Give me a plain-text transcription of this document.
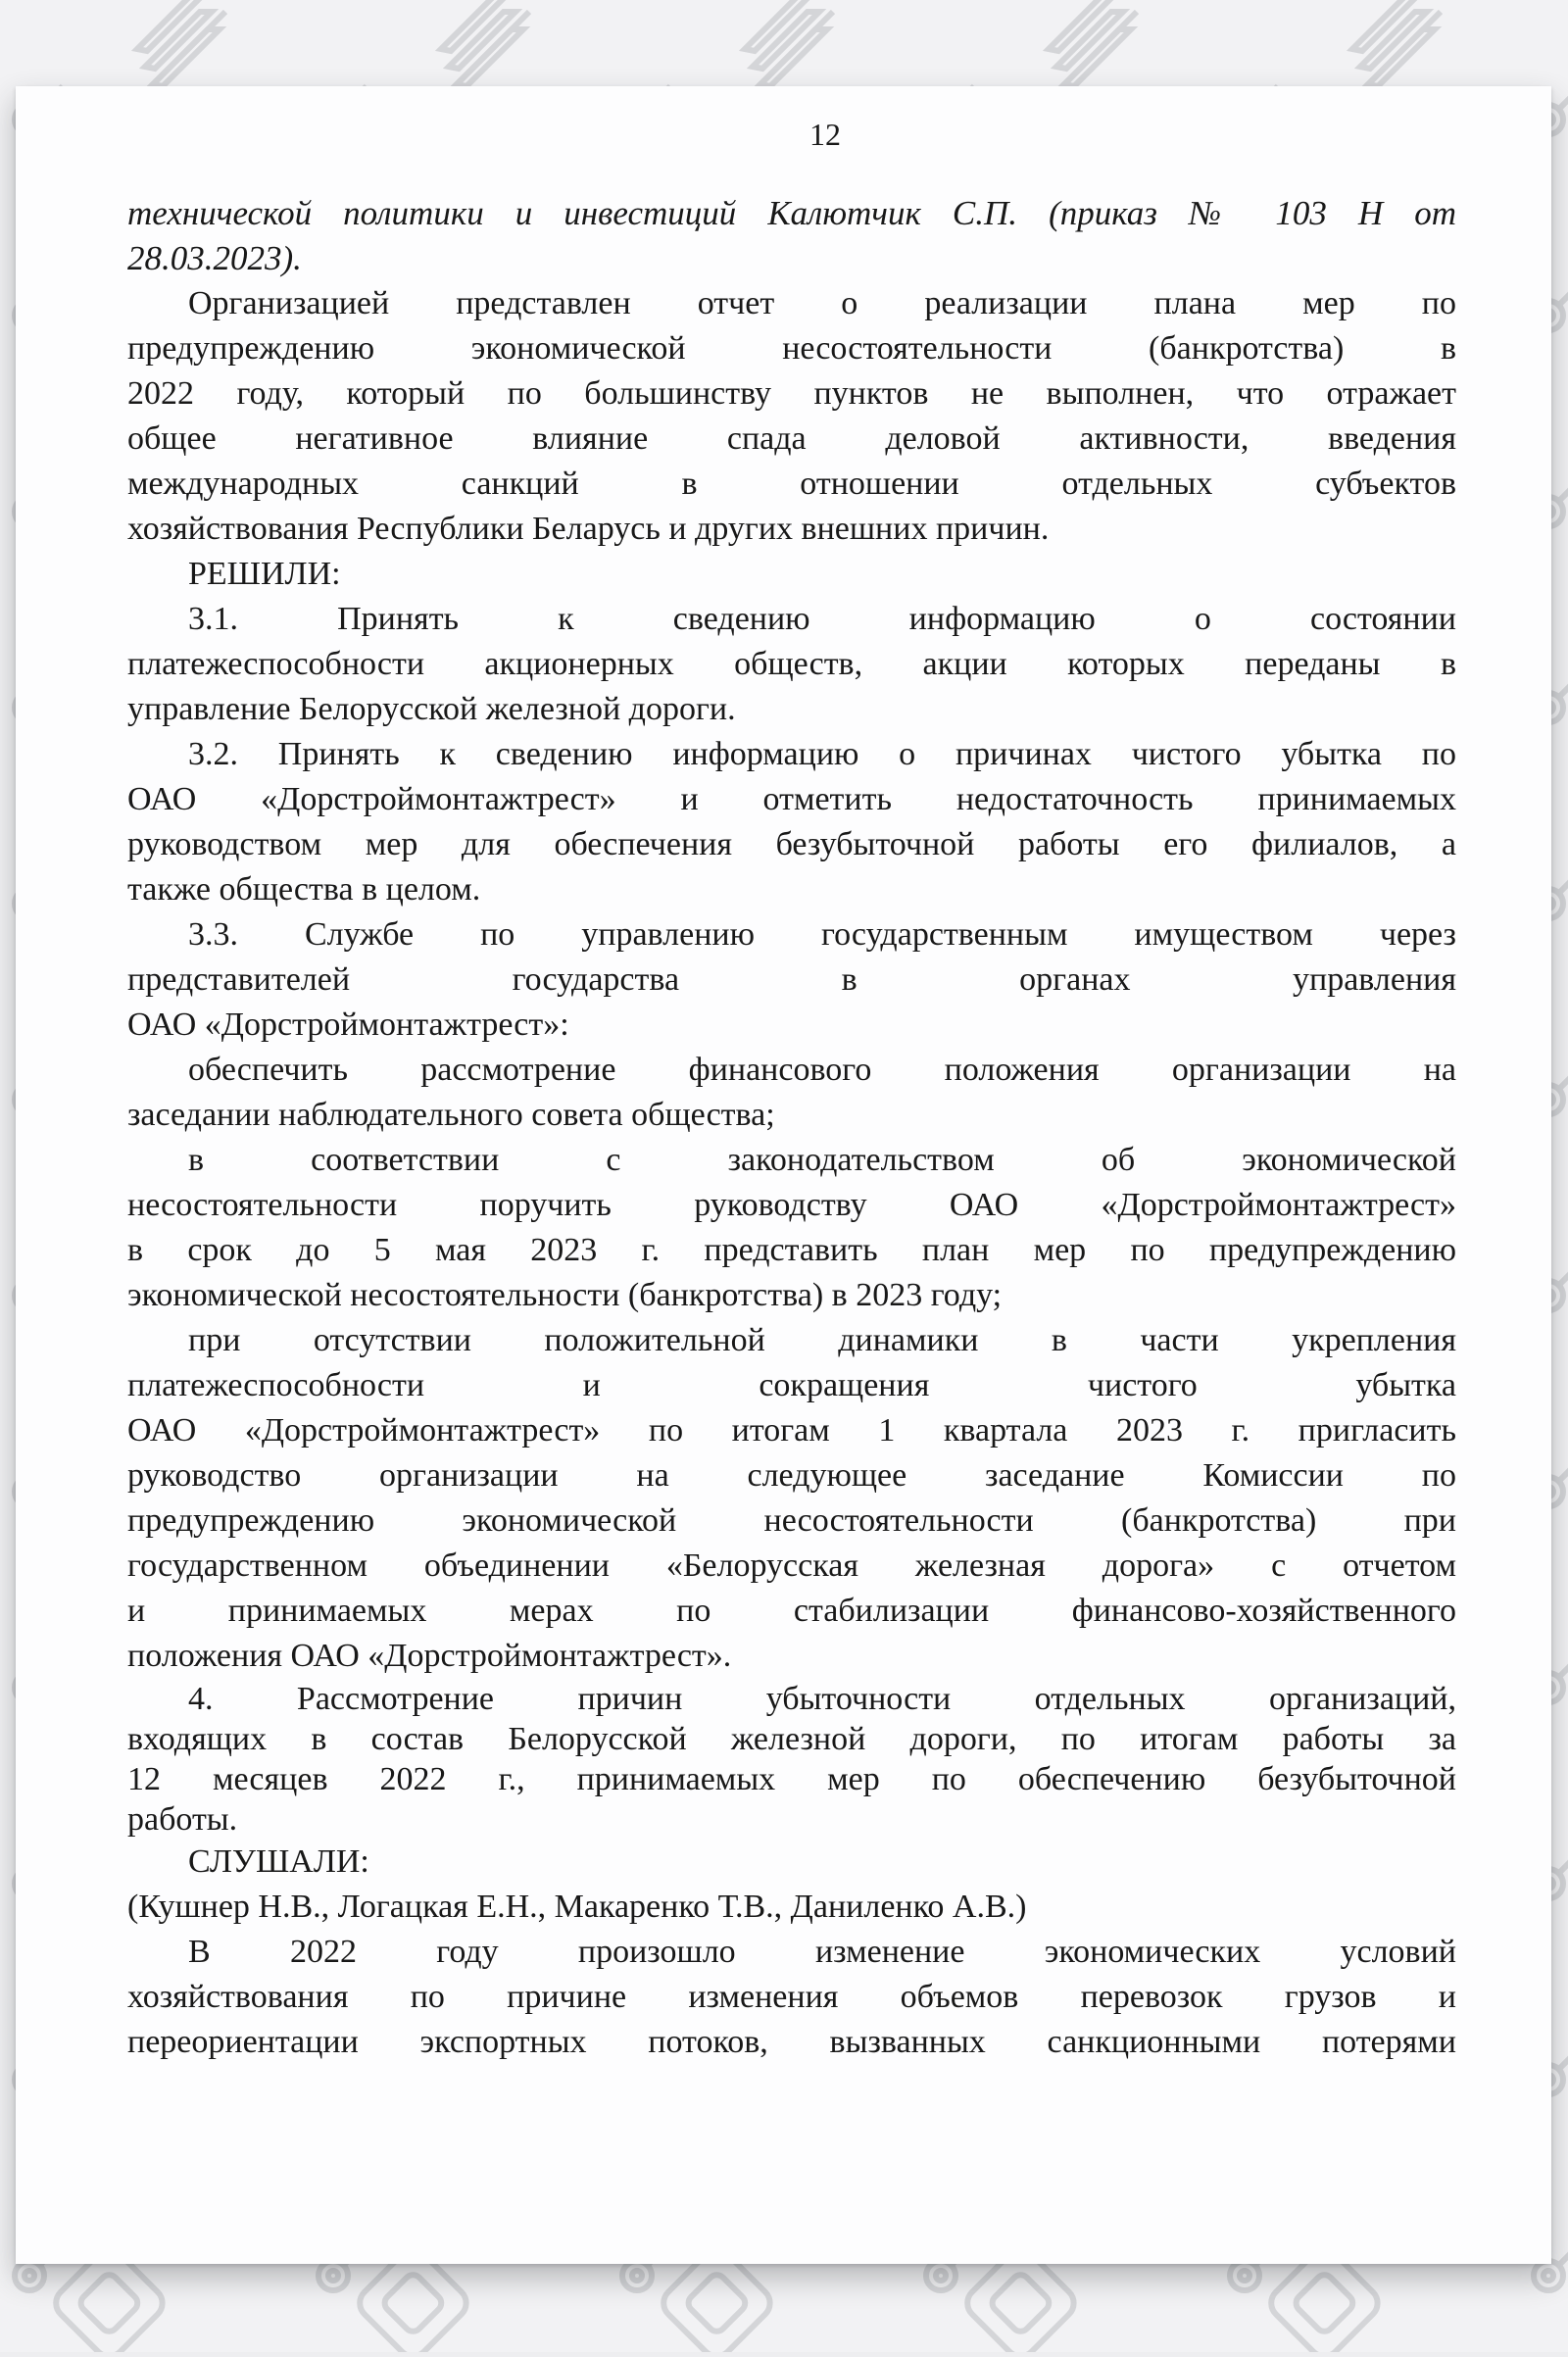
12
технической политики и инвестиций Калютчик С.П. (приказ № 103 Н от
28.03.2023).
Организацией представлен отчет о реализации плана мер по
предупреждению экономической несостоятельности (банкротства) в
2022 году, который по большинству пунктов не выполнен, что отражает
общее негативное влияние спада деловой активности, введения
международных санкций в отношении отдельных субъектов
хозяйствования Республики Беларусь и других внешних причин.
РЕШИЛИ:
3.1. Принять к сведению информацию о состоянии
платежеспособности акционерных обществ, акции которых переданы в
управление Белорусской железной дороги.
3.2. Принять к сведению информацию о причинах чистого убытка по
ОАО «Дорстроймонтажтрест» и отметить недостаточность принимаемых
руководством мер для обеспечения безубыточной работы его филиалов, а
также общества в целом.
3.3. Службе по управлению государственным имуществом через
представителей государства в органах управления
ОАО «Дорстроймонтажтрест»:
обеспечить рассмотрение финансового положения организации на
заседании наблюдательного совета общества;
в соответствии с законодательством об экономической
несостоятельности поручить руководству ОАО «Дорстроймонтажтрест»
в срок до 5 мая 2023 г. представить план мер по предупреждению
экономической несостоятельности (банкротства) в 2023 году;
при отсутствии положительной динамики в части укрепления
платежеспособности и сокращения чистого убытка
ОАО «Дорстроймонтажтрест» по итогам 1 квартала 2023 г. пригласить
руководство организации на следующее заседание Комиссии по
предупреждению экономической несостоятельности (банкротства) при
государственном объединении «Белорусская железная дорога» с отчетом
и принимаемых мерах по стабилизации финансово-хозяйственного
положения ОАО «Дорстроймонтажтрест».
4. Рассмотрение причин убыточности отдельных организаций,
входящих в состав Белорусской железной дороги, по итогам работы за
12 месяцев 2022 г., принимаемых мер по обеспечению безубыточной
работы.
СЛУШАЛИ:
(Кушнер Н.В., Логацкая Е.Н., Макаренко Т.В., Даниленко А.В.)
В 2022 году произошло изменение экономических условий
хозяйствования по причине изменения объемов перевозок грузов и
переориентации экспортных потоков, вызванных санкционными потерями
